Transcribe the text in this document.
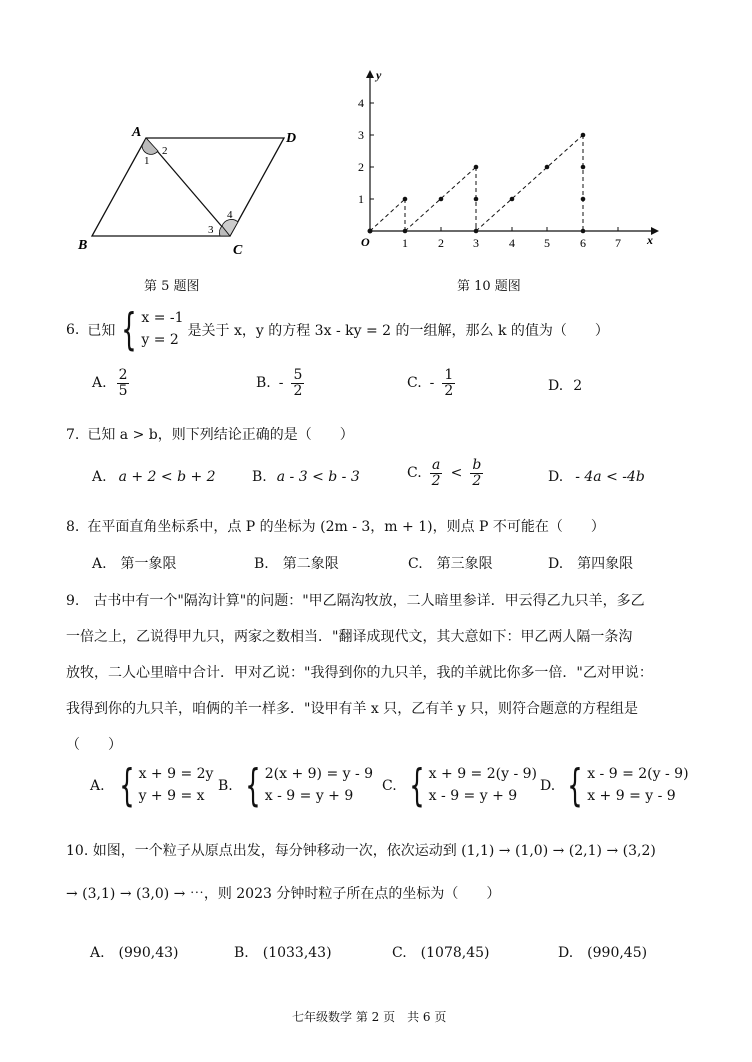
A	D
B	C
1
2
3
4
第 5 题图
y
x
O	1	2 3	4 5	6 7
1
2
3
4
第 10 题图
6. 已知 { x = -1
y = 2
是关于 x，y 的方程 3x - ky = 2 的一组解，那么 k 的值为（　　）
A. $\frac{2}{5}$	B. - $\frac{5}{2}$	C. - $\frac{1}{2}$	D. 2
7. 已知 a > b，则下列结论正确的是（　　）
A. a + 2 < b + 2	B. a - 3 < b - 3	C. $\frac{a}{2} < \frac{b}{2}$	D. - 4a < -4b
8. 在平面直角坐标系中，点 P 的坐标为 (2m - 3，m + 1)，则点 P 不可能在（　　）
A.　第一象限	B.　第二象限	C.　第三象限	D.　第四象限
9.　古书中有一个"隔沟计算"的问题："甲乙隔沟牧放，二人暗里参详．甲云得乙九只羊，多乙
一倍之上，乙说得甲九只，两家之数相当．"翻译成现代文，其大意如下：甲乙两人隔一条沟
放牧，二人心里暗中合计．甲对乙说："我得到你的九只羊，我的羊就比你多一倍．"乙对甲说：
我得到你的九只羊，咱俩的羊一样多．"设甲有羊 x 只，乙有羊 y 只，则符合题意的方程组是
（　　）
A. { x + 9 = 2y
y + 9 = x
B. { 2(x + 9) = y - 9
x - 9 = y + 9
C. { x + 9 = 2(y - 9)
x - 9 = y + 9
D. { x - 9 = 2(y - 9)
x + 9 = y - 9
10. 如图，一个粒子从原点出发，每分钟移动一次，依次运动到 (1,1) → (1,0) → (2,1) → (3,2)
→ (3,1) → (3,0) → ⋯，则 2023 分钟时粒子所在点的坐标为（　　）
A.　(990,43)	B.　(1033,43)	C.　(1078,45)	D.　(990,45)
七年级数学 第 2 页　共 6 页
